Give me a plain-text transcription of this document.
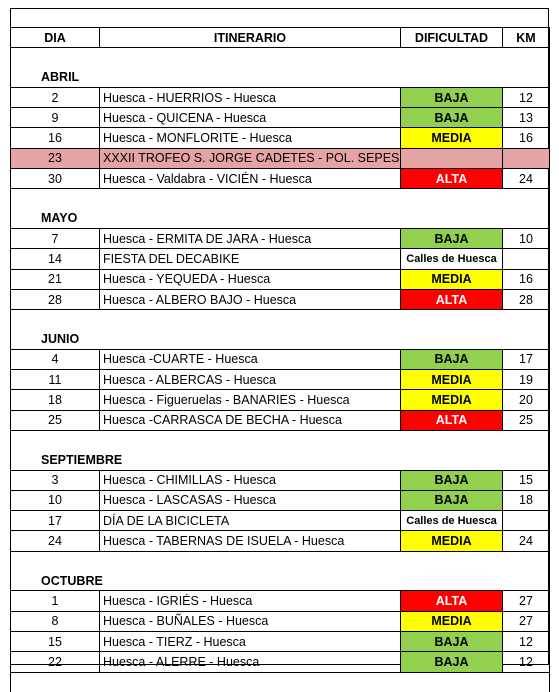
DIA	ITINERARIO	DIFICULTAD	KM

ABRIL			
2	Huesca - HUERRIOS - Huesca	BAJA	12
9	Huesca - QUICENA - Huesca	BAJA	13
16	Huesca - MONFLORITE - Huesca	MEDIA	16
23	XXXII TROFEO S. JORGE CADETES - POL. SEPES		
30	Huesca - Valdabra - VICIÉN - Huesca	ALTA	24

MAYO			
7	Huesca - ERMITA DE JARA - Huesca	BAJA	10
14	FIESTA DEL DECABIKE	Calles de Huesca	
21	Huesca - YEQUEDA - Huesca	MEDIA	16
28	Huesca - ALBERO BAJO - Huesca	ALTA	28

JUNIO			
4	Huesca -CUARTE - Huesca	BAJA	17
11	Huesca - ALBERCAS - Huesca	MEDIA	19
18	Huesca - Figueruelas - BANARIES - Huesca	MEDIA	20
25	Huesca -CARRASCA DE BECHA - Huesca	ALTA	25

SEPTIEMBRE			
3	Huesca - CHIMILLAS - Huesca	BAJA	15
10	Huesca - LASCASAS - Huesca	BAJA	18
17	DÍA DE LA BICICLETA	Calles de Huesca	
24	Huesca - TABERNAS DE ISUELA - Huesca	MEDIA	24

OCTUBRE			
1	Huesca - IGRIÉS - Huesca	ALTA	27
8	Huesca - BUÑALES - Huesca	MEDIA	27
15	Huesca - TIERZ - Huesca	BAJA	12
22	Huesca - ALERRE - Huesca	BAJA	12
